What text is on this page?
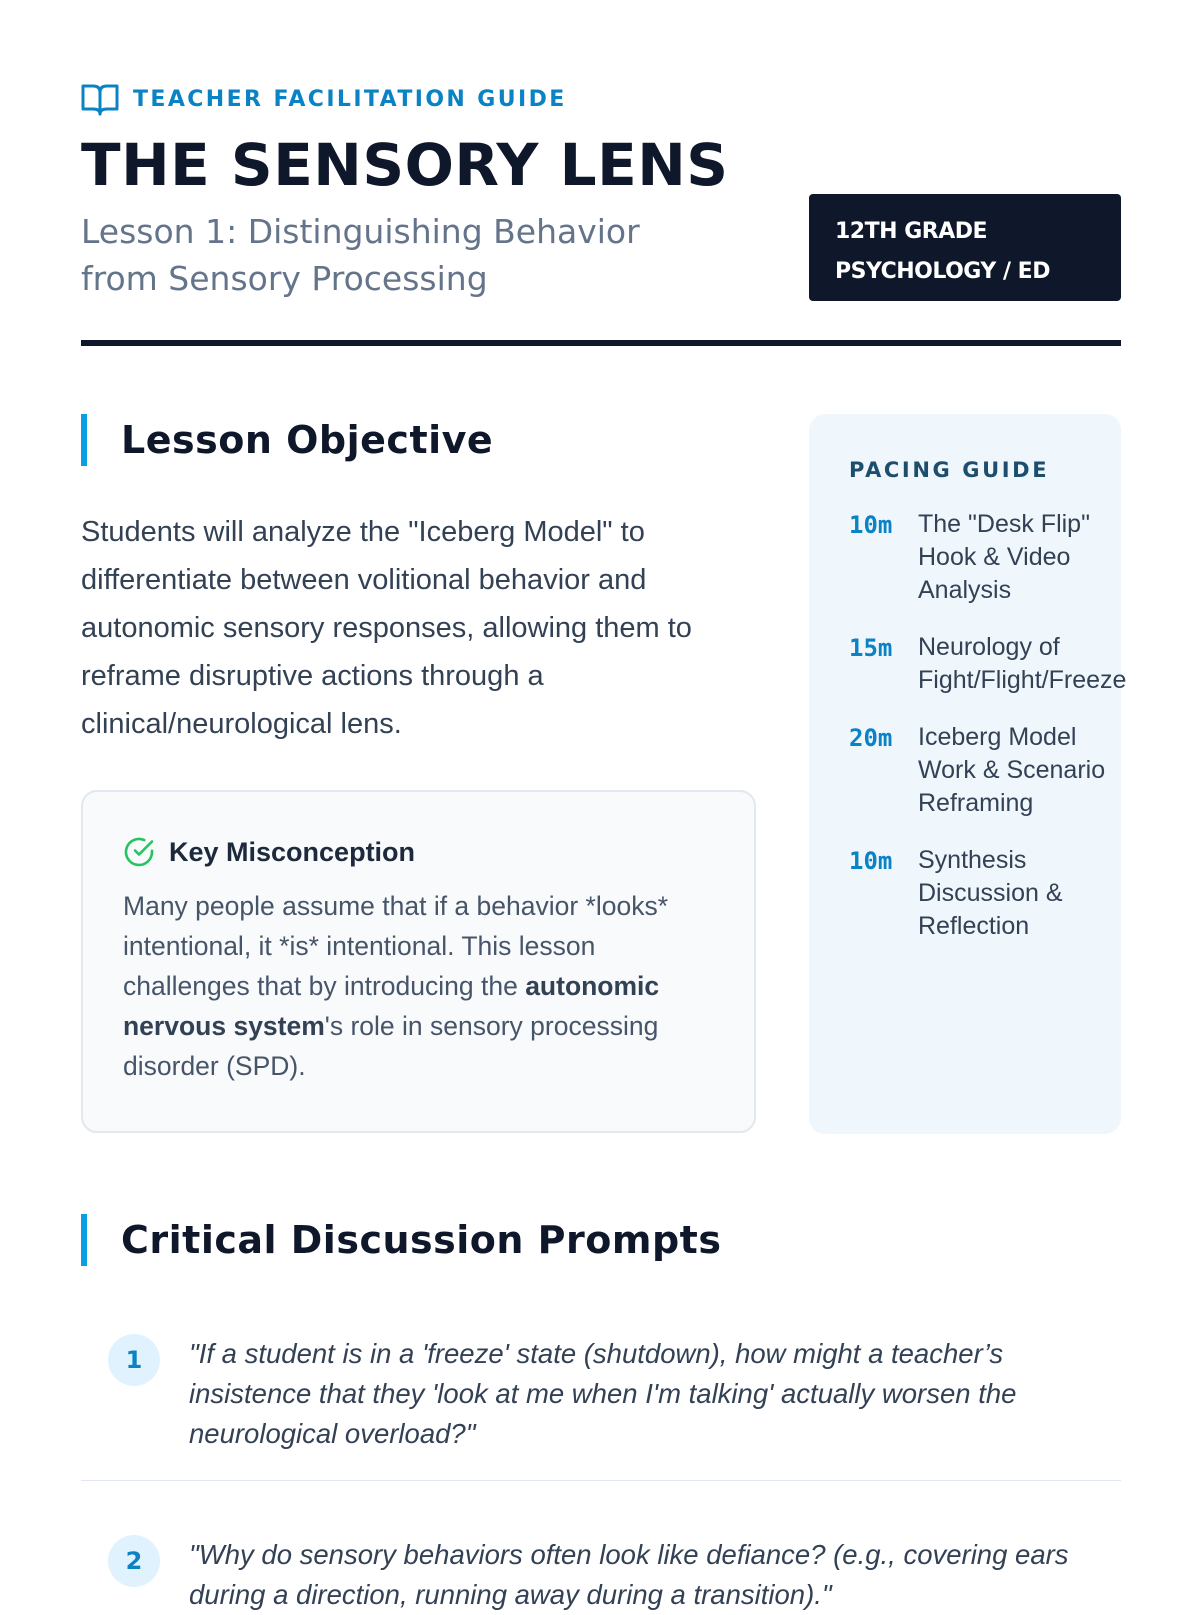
TEACHER FACILITATION GUIDE
THE SENSORY LENS
Lesson 1: Distinguishing Behavior from Sensory Processing
12TH GRADE
PSYCHOLOGY / ED
Lesson Objective

Students will analyze the "Iceberg Model" to differentiate between volitional behavior and autonomic sensory responses, allowing them to reframe disruptive actions through a clinical/neurological lens.

Key Misconception

Many people assume that if a behavior *looks* intentional, it *is* intentional. This lesson challenges that by introducing the autonomic nervous system's role in sensory processing disorder (SPD).

PACING GUIDE
10m	The "Desk Flip" Hook & Video Analysis
15m	Neurology of Fight/Flight/Freeze
20m	Iceberg Model Work & Scenario Reframing
10m	Synthesis Discussion & Reflection
Critical Discussion Prompts
1	"If a student is in a 'freeze' state (shutdown), how might a teacher’s insistence that they 'look at me when I'm talking' actually worsen the neurological overload?"

2	"Why do sensory behaviors often look like defiance? (e.g., covering ears during a direction, running away during a transition)."
